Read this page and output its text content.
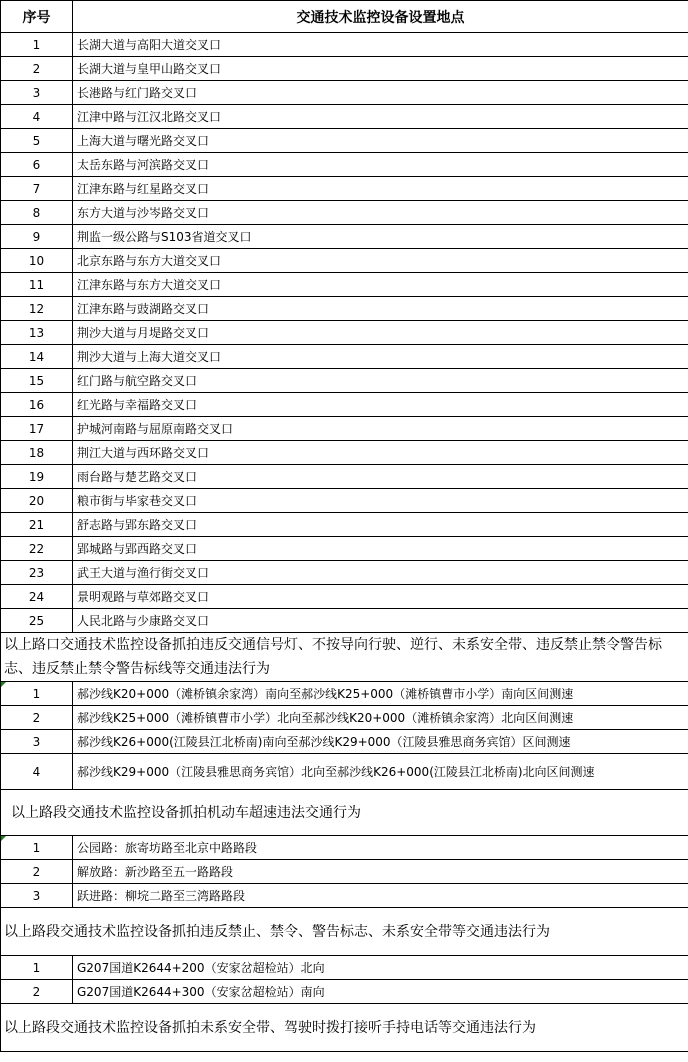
序号	交通技术监控设备设置地点
1	长湖大道与高阳大道交叉口
2	长湖大道与皇甲山路交叉口
3	长港路与红门路交叉口
4	江津中路与江汉北路交叉口
5	上海大道与曙光路交叉口
6	太岳东路与河滨路交叉口
7	江津东路与红星路交叉口
8	东方大道与沙岑路交叉口
9	荆监一级公路与S103省道交叉口
10	北京东路与东方大道交叉口
11	江津东路与东方大道交叉口
12	江津东路与豉湖路交叉口
13	荆沙大道与月堤路交叉口
14	荆沙大道与上海大道交叉口
15	红门路与航空路交叉口
16	红光路与幸福路交叉口
17	护城河南路与屈原南路交叉口
18	荆江大道与西环路交叉口
19	雨台路与楚艺路交叉口
20	粮市街与毕家巷交叉口
21	舒志路与郢东路交叉口
22	郢城路与郢西路交叉口
23	武王大道与渔行街交叉口
24	景明观路与草郊路交叉口
25	人民北路与少康路交叉口
以上路口交通技术监控设备抓拍违反交通信号灯、不按导向行驶、逆行、未系安全带、违反禁止禁令警告标志、违反禁止禁令警告标线等交通违法行为	
1	郝沙线K20+000（滩桥镇余家湾）南向至郝沙线K25+000（滩桥镇曹市小学）南向区间测速
2	郝沙线K25+000（滩桥镇曹市小学）北向至郝沙线K20+000（滩桥镇余家湾）北向区间测速
3	郝沙线K26+000(江陵县江北桥南)南向至郝沙线K29+000（江陵县雅思商务宾馆）区间测速
4	郝沙线K29+000（江陵县雅思商务宾馆）北向至郝沙线K26+000(江陵县江北桥南)北向区间测速
以上路段交通技术监控设备抓拍机动车超速违法交通行为	
1	公园路：旅寄坊路至北京中路路段
2	解放路：新沙路至五一路路段
3	跃进路：柳垸二路至三湾路路段
以上路段交通技术监控设备抓拍违反禁止、禁令、警告标志、未系安全带等交通违法行为	
1	G207国道K2644+200（安家岔超检站）北向
2	G207国道K2644+300（安家岔超检站）南向
以上路段交通技术监控设备抓拍未系安全带、驾驶时拨打接听手持电话等交通违法行为	
